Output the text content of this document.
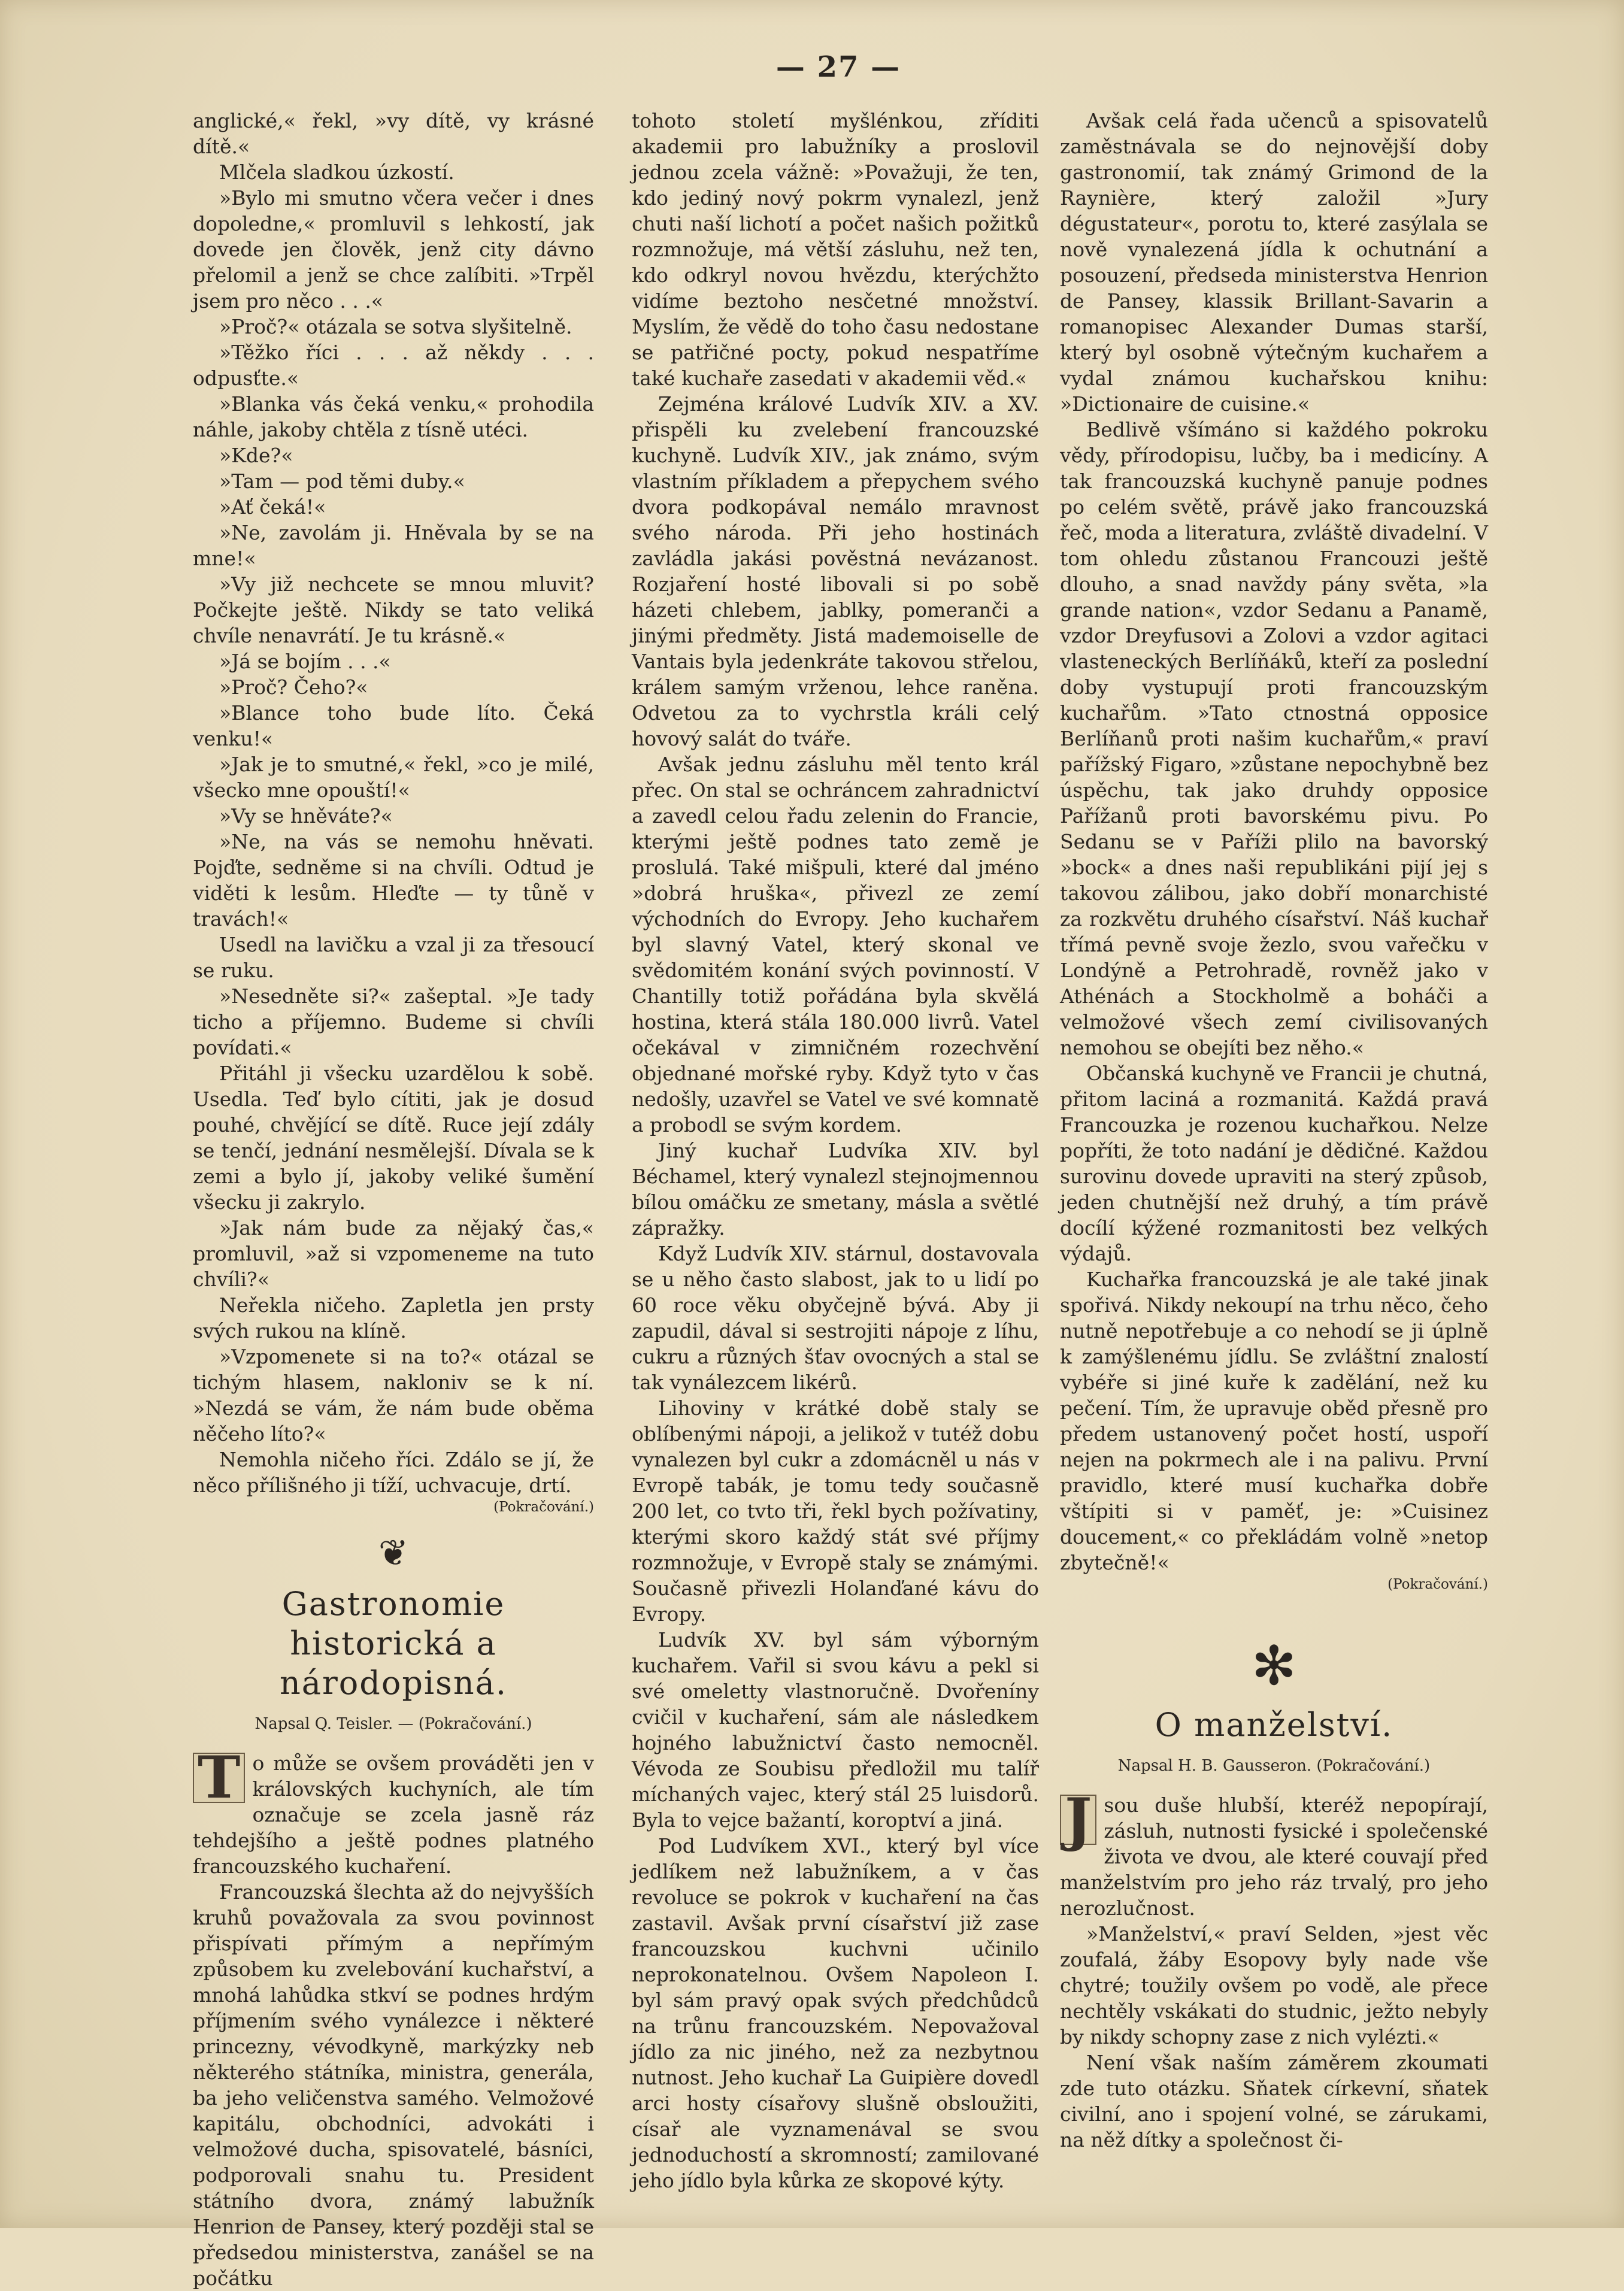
— 27 —

anglické,« řekl, »vy dítě, vy krásné dítě.«

Mlčela sladkou úzkostí.

»Bylo mi smutno včera večer i dnes dopoledne,« promluvil s lehkostí, jak dovede jen člověk, jenž city dávno přelomil a jenž se chce zalíbiti. »Trpěl jsem pro něco . . .«

»Proč?« otázala se sotva slyšitelně.

»Těžko říci . . . až někdy . . . odpusťte.«

»Blanka vás čeká venku,« prohodila náhle, jakoby chtěla z tísně utéci.

»Kde?«

»Tam — pod těmi duby.«

»Ať čeká!«

»Ne, zavolám ji. Hněvala by se na mne!«

»Vy již nechcete se mnou mluvit? Počkejte ještě. Nikdy se tato veliká chvíle nenavrátí. Je tu krásně.«

»Já se bojím . . .«

»Proč? Čeho?«

»Blance toho bude líto. Čeká venku!«

»Jak je to smutné,« řekl, »co je milé, všecko mne opouští!«

»Vy se hněváte?«

»Ne, na vás se nemohu hněvati. Pojďte, sedněme si na chvíli. Odtud je viděti k lesům. Hleďte — ty tůně v travách!«

Usedl na lavičku a vzal ji za třesoucí se ruku.

»Nesedněte si?« zašeptal. »Je tady ticho a příjemno. Budeme si chvíli povídati.«

Přitáhl ji všecku uzardělou k sobě. Usedla. Teď bylo cítiti, jak je dosud pouhé, chvějící se dítě. Ruce její zdály se tenčí, jednání nesmělejší. Dívala se k zemi a bylo jí, jakoby veliké šumění všecku ji zakrylo.

»Jak nám bude za nějaký čas,« promluvil, »až si vzpomeneme na tuto chvíli?«

Neřekla ničeho. Zapletla jen prsty svých rukou na klíně.

»Vzpomenete si na to?« otázal se tichým hlasem, nakloniv se k ní. »Nezdá se vám, že nám bude oběma něčeho líto?«

Nemohla ničeho říci. Zdálo se jí, že něco přílišného ji tíží, uchvacuje, drtí.

(Pokračování.)
❦
Gastronomie historická a národopisná.
Napsal Q. Teisler. — (Pokračování.)

T o může se ovšem prováděti jen v královských kuchyních, ale tím označuje se zcela jasně ráz tehdejšího a ještě podnes platného francouzského kuchaření.

Francouzská šlechta až do nejvyšších kruhů považovala za svou povinnost přispívati přímým a nepřímým způsobem ku zvelebování kuchařství, a mnohá lahůdka stkví se podnes hrdým příjmením svého vynálezce i některé princezny, vévodkyně, markýzky neb některého státníka, ministra, generála, ba jeho veličenstva samého. Velmožové kapitálu, obchodníci, advokáti i velmožové ducha, spisovatelé, básníci, podporovali snahu tu. President státního dvora, známý labužník Henrion de Pansey, který později stal se předsedou ministerstva, zanášel se na počátku

tohoto století myšlénkou, zříditi akademii pro labužníky a proslovil jednou zcela vážně: »Považuji, že ten, kdo jediný nový pokrm vynalezl, jenž chuti naší lichotí a počet našich požitků rozmnožuje, má větší zásluhu, než ten, kdo odkryl novou hvězdu, kterýchžto vidíme beztoho nesčetné množství. Myslím, že vědě do toho času nedostane se patřičné pocty, pokud nespatříme také kuchaře zasedati v akademii věd.«

Zejména králové Ludvík XIV. a XV. přispěli ku zvelebení francouzské kuchyně. Ludvík XIV., jak známo, svým vlastním příkladem a přepychem svého dvora podkopával nemálo mravnost svého národa. Při jeho hostinách zavládla jakási pověstná nevázanost. Rozjaření hosté libovali si po sobě házeti chlebem, jablky, pomeranči a jinými předměty. Jistá mademoiselle de Vantais byla jedenkráte takovou střelou, králem samým vrženou, lehce raněna. Odvetou za to vychrstla králi celý hovový salát do tváře.

Avšak jednu zásluhu měl tento král přec. On stal se ochráncem zahradnictví a zavedl celou řadu zelenin do Francie, kterými ještě podnes tato země je proslulá. Také mišpuli, které dal jméno »dobrá hruška«, přivezl ze zemí východních do Evropy. Jeho kuchařem byl slavný Vatel, který skonal ve svědomitém konání svých povinností. V Chantilly totiž pořádána byla skvělá hostina, která stála 180.000 livrů. Vatel očekával v zimničném rozechvění objednané mořské ryby. Když tyto v čas nedošly, uzavřel se Vatel ve své komnatě a probodl se svým kordem.

Jiný kuchař Ludvíka XIV. byl Béchamel, který vynalezl stejnojmennou bílou omáčku ze smetany, másla a světlé zápražky.

Když Ludvík XIV. stárnul, dostavovala se u něho často slabost, jak to u lidí po 60 roce věku obyčejně bývá. Aby ji zapudil, dával si sestrojiti nápoje z líhu, cukru a různých šťav ovocných a stal se tak vynálezcem likérů.

Lihoviny v krátké době staly se oblíbenými nápoji, a jelikož v tutéž dobu vynalezen byl cukr a zdomácněl u nás v Evropě tabák, je tomu tedy současně 200 let, co tvto tři, řekl bych požívatiny, kterými skoro každý stát své příjmy rozmnožuje, v Evropě staly se známými. Současně přivezli Holanďané kávu do Evropy.

Ludvík XV. byl sám výborným kuchařem. Vařil si svou kávu a pekl si své omeletty vlastnoručně. Dvořeníny cvičil v kuchaření, sám ale následkem hojného labužnictví často nemocněl. Vévoda ze Soubisu předložil mu talíř míchaných vajec, který stál 25 luisdorů. Byla to vejce bažantí, koroptví a jiná.

Pod Ludvíkem XVI., který byl více jedlíkem než labužníkem, a v čas revoluce se pokrok v kuchaření na čas zastavil. Avšak první císařství již zase francouzskou kuchvni učinilo neprokonatelnou. Ovšem Napoleon I. byl sám pravý opak svých předchůdců na trůnu francouzském. Nepovažoval jídlo za nic jiného, než za nezbytnou nutnost. Jeho kuchař La Guipière dovedl arci hosty císařovy slušně obsloužiti, císař ale vyznamenával se svou jednoduchostí a skromností; zamilované jeho jídlo byla kůrka ze skopové kýty.

Avšak celá řada učenců a spisovatelů zaměstnávala se do nejnovější doby gastronomií, tak známý Grimond de la Raynière, který založil »Jury dégustateur«, porotu to, které zasýlala se nově vynalezená jídla k ochutnání a posouzení, předseda ministerstva Henrion de Pansey, klassik Brillant-Savarin a romanopisec Alexander Dumas starší, který byl osobně výtečným kuchařem a vydal známou kuchařskou knihu: »Dictionaire de cuisine.«

Bedlivě všímáno si každého pokroku vědy, přírodopisu, lučby, ba i medicíny. A tak francouzská kuchyně panuje podnes po celém světě, právě jako francouzská řeč, moda a literatura, zvláště divadelní. V tom ohledu zůstanou Francouzi ještě dlouho, a snad navždy pány světa, »la grande nation«, vzdor Sedanu a Panamě, vzdor Dreyfusovi a Zolovi a vzdor agitaci vlasteneckých Berlíňáků, kteří za poslední doby vystupují proti francouzským kuchařům. »Tato ctnostná opposice Berlíňanů proti našim kuchařům,« praví pařížský Figaro, »zůstane nepochybně bez úspěchu, tak jako druhdy opposice Pařížanů proti bavorskému pivu. Po Sedanu se v Paříži plilo na bavorský »bock« a dnes naši republikáni pijí jej s takovou zálibou, jako dobří monarchisté za rozkvětu druhého císařství. Náš kuchař třímá pevně svoje žezlo, svou vařečku v Londýně a Petrohradě, rovněž jako v Athénách a Stockholmě a boháči a velmožové všech zemí civilisovaných nemohou se obejíti bez něho.«

Občanská kuchyně ve Francii je chutná, přitom laciná a rozmanitá. Každá pravá Francouzka je rozenou kuchařkou. Nelze popříti, že toto nadání je dědičné. Každou surovinu dovede upraviti na sterý způsob, jeden chutnější než druhý, a tím právě docílí kýžené rozmanitosti bez velkých výdajů.

Kuchařka francouzská je ale také jinak spořivá. Nikdy nekoupí na trhu něco, čeho nutně nepotřebuje a co nehodí se ji úplně k zamýšlenému jídlu. Se zvláštní znalostí vybéře si jiné kuře k zadělání, než ku pečení. Tím, že upravuje oběd přesně pro předem ustanovený počet hostí, uspoří nejen na pokrmech ale i na palivu. První pravidlo, které musí kuchařka dobře vštípiti si v paměť, je: »Cuisinez doucement,« co překládám volně »netop zbytečně!«

(Pokračování.)
✻
O manželství.
Napsal H. B. Gausseron. (Pokračování.)

J sou duše hlubší, kteréž nepopírají, zásluh, nutnosti fysické i společenské života ve dvou, ale které couvají před manželstvím pro jeho ráz trvalý, pro jeho nerozlučnost.

»Manželství,« praví Selden, »jest věc zoufalá, žáby Esopovy byly nade vše chytré; toužily ovšem po vodě, ale přece nechtěly vskákati do studnic, ježto nebyly by nikdy schopny zase z nich vylézti.«

Není však naším záměrem zkoumati zde tuto otázku. Sňatek církevní, sňatek civilní, ano i spojení volné, se zárukami, na něž dítky a společnost či-
